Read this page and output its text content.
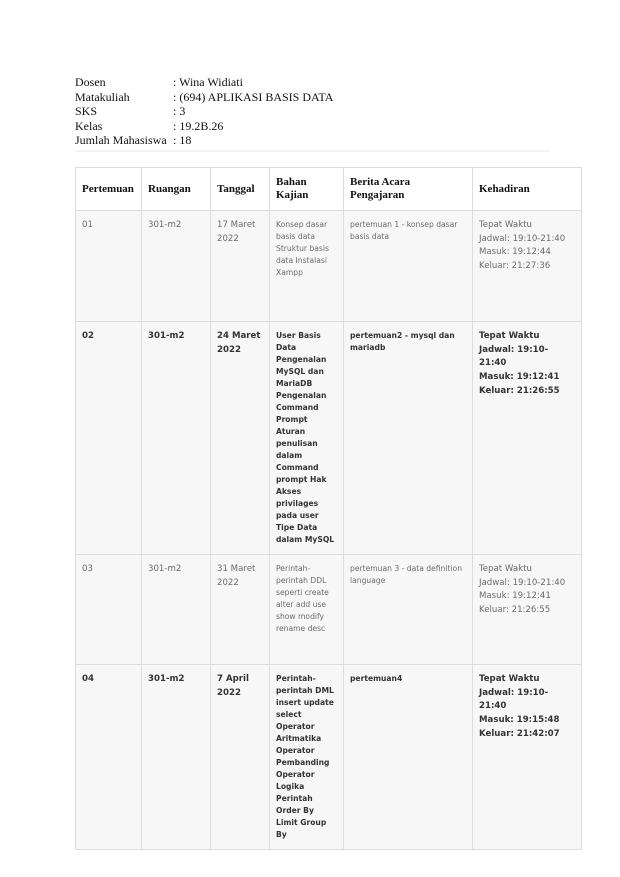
Dosen	: Wina Widiati
Matakuliah	: (694) APLIKASI BASIS DATA
SKS	: 3
Kelas	: 19.2B.26
Jumlah Mahasiswa : 18
Pertemuan	Ruangan	Tanggal	Bahan Kajian	Berita Acara Pengajaran	Kehadiran
01	301-m2	17 Maret 2022	Konsep dasar basis data Struktur basis data Instalasi Xampp	pertemuan 1 - konsep dasar basis data	Tepat Waktu
Jadwal: 19:10-21:40
Masuk: 19:12:44
Keluar: 21:27:36

02	301-m2	24 Maret 2022	User Basis Data Pengenalan MySQL dan MariaDB Pengenalan Command Prompt Aturan penulisan dalam Command prompt Hak Akses privilages pada user Tipe Data dalam MySQL	pertemuan2 - mysql dan mariadb	Tepat Waktu
Jadwal: 19:10-21:40
Masuk: 19:12:41
Keluar: 21:26:55

03	301-m2	31 Maret 2022	Perintah-perintah DDL seperti create alter add use show modify rename desc	pertemuan 3 - data definition language	Tepat Waktu
Jadwal: 19:10-21:40
Masuk: 19:12:41
Keluar: 21:26:55

04	301-m2	7 April 2022	Perintah-perintah DML insert update select Operator Aritmatika Operator Pembanding Operator Logika Perintah Order By Limit Group By	pertemuan4	Tepat Waktu
Jadwal: 19:10-21:40
Masuk: 19:15:48
Keluar: 21:42:07
